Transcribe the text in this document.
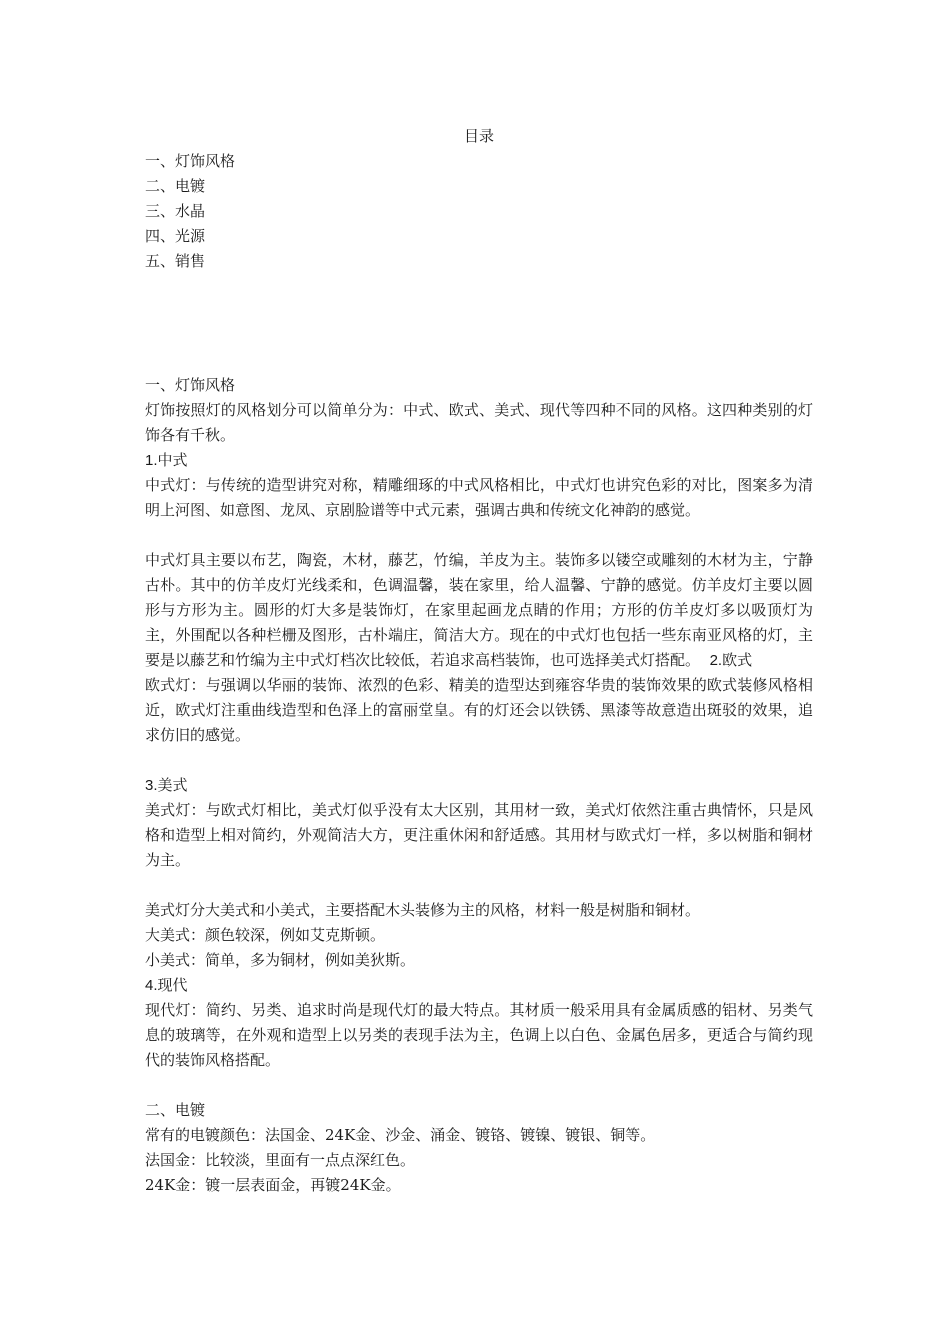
目录

一、灯饰风格

二、电镀

三、水晶

四、光源

五、销售

一、灯饰风格

灯饰按照灯的风格划分可以简单分为：中式、欧式、美式、现代等四种不同的风格。这四种类别的灯饰各有千秋。

1.中式

中式灯：与传统的造型讲究对称，精雕细琢的中式风格相比，中式灯也讲究色彩的对比，图案多为清明上河图、如意图、龙凤、京剧脸谱等中式元素，强调古典和传统文化神韵的感觉。

中式灯具主要以布艺，陶瓷，木材，藤艺，竹编，羊皮为主。装饰多以镂空或雕刻的木材为主，宁静古朴。其中的仿羊皮灯光线柔和，色调温馨，装在家里，给人温馨、宁静的感觉。仿羊皮灯主要以圆形与方形为主。圆形的灯大多是装饰灯，在家里起画龙点睛的作用；方形的仿羊皮灯多以吸顶灯为主，外围配以各种栏栅及图形，古朴端庄，简洁大方。现在的中式灯也包括一些东南亚风格的灯，主要是以藤艺和竹编为主中式灯档次比较低，若追求高档装饰，也可选择美式灯搭配。 2.欧式

欧式灯：与强调以华丽的装饰、浓烈的色彩、精美的造型达到雍容华贵的装饰效果的欧式装修风格相近，欧式灯注重曲线造型和色泽上的富丽堂皇。有的灯还会以铁锈、黑漆等故意造出斑驳的效果，追求仿旧的感觉。

3.美式

美式灯：与欧式灯相比，美式灯似乎没有太大区别，其用材一致，美式灯依然注重古典情怀，只是风格和造型上相对简约，外观简洁大方，更注重休闲和舒适感。其用材与欧式灯一样，多以树脂和铜材为主。

美式灯分大美式和小美式，主要搭配木头装修为主的风格，材料一般是树脂和铜材。

大美式：颜色较深，例如艾克斯顿。

小美式：简单，多为铜材，例如美狄斯。

4.现代

现代灯：简约、另类、追求时尚是现代灯的最大特点。其材质一般采用具有金属质感的铝材、另类气息的玻璃等，在外观和造型上以另类的表现手法为主，色调上以白色、金属色居多，更适合与简约现代的装饰风格搭配。

二、电镀

常有的电镀颜色：法国金、24K金、沙金、涌金、镀铬、镀镍、镀银、铜等。

法国金：比较淡，里面有一点点深红色。

24K金：镀一层表面金，再镀24K金。
